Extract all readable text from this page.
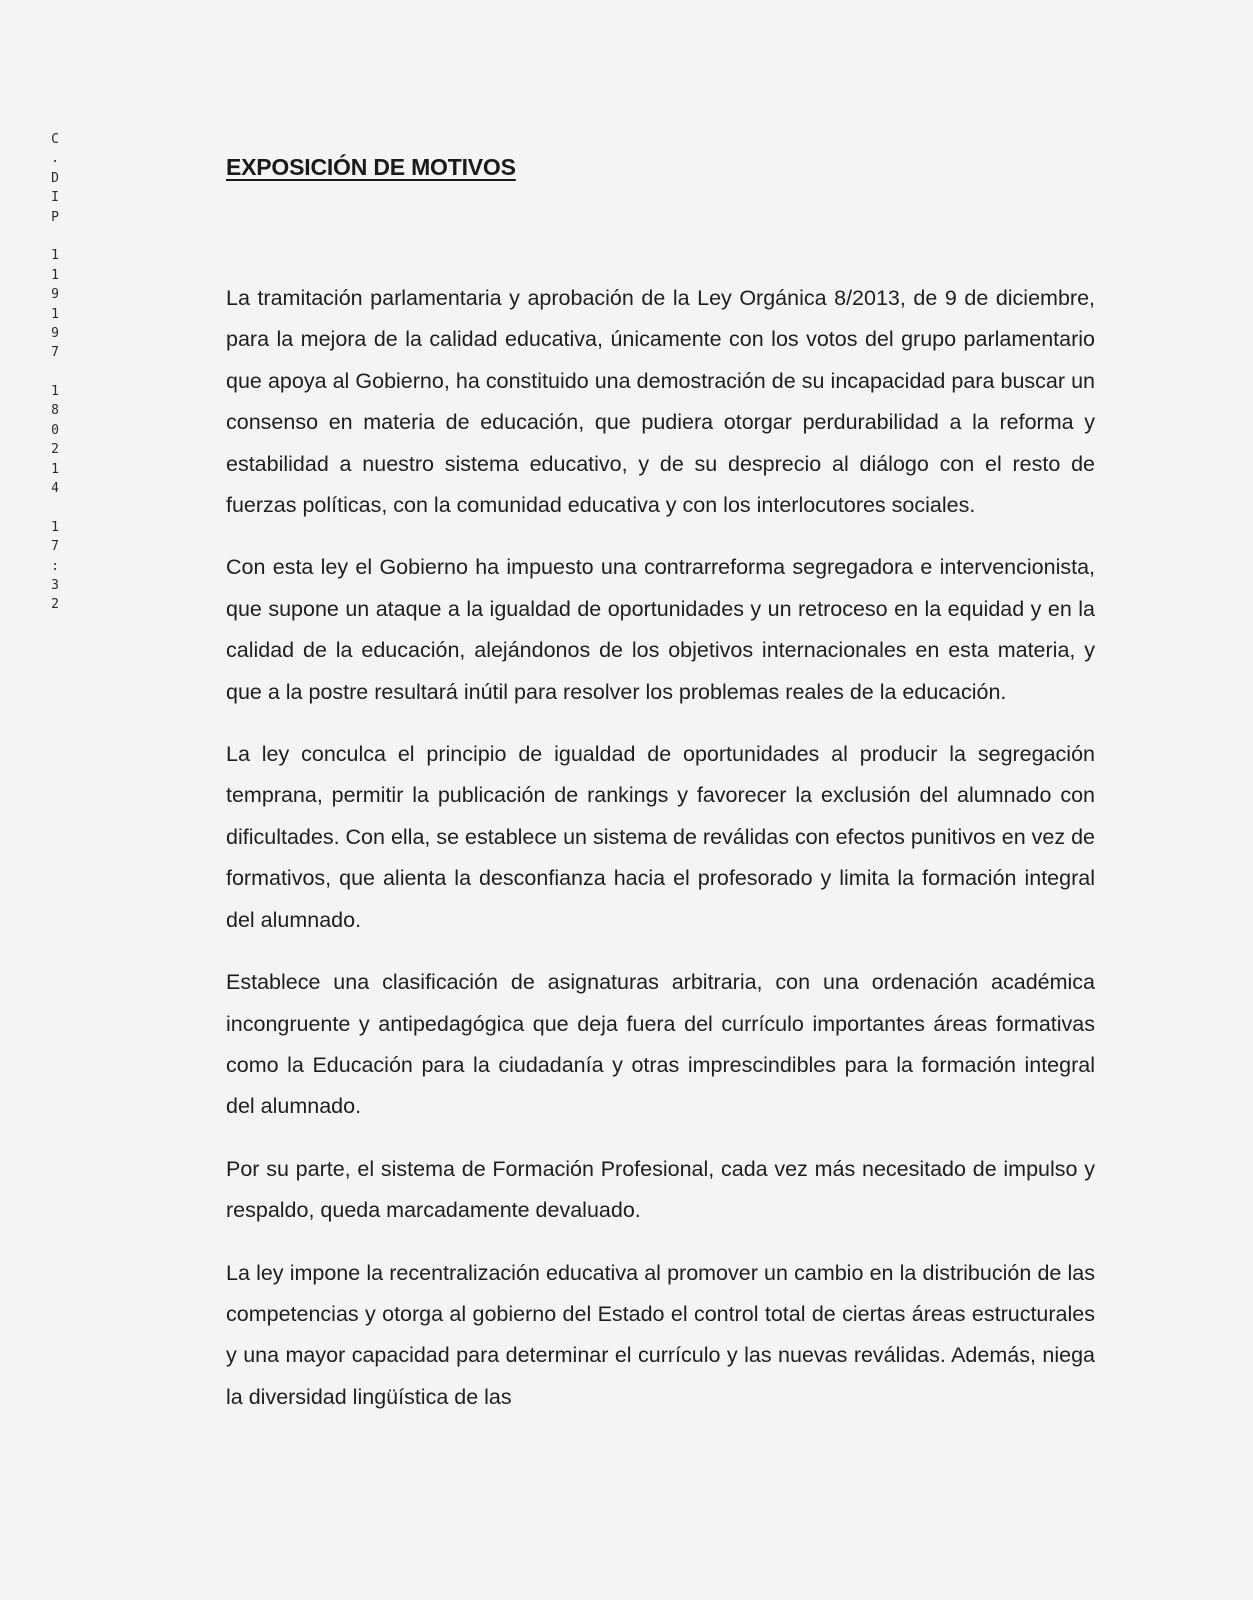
C
.
D
I
P
1
1
9
1
9
7
1
8
0
2
1
4
1
7
:
3
2
EXPOSICIÓN DE MOTIVOS

La tramitación parlamentaria y aprobación de la Ley Orgánica 8/2013, de 9 de diciembre, para la mejora de la calidad educativa, únicamente con los votos del grupo parlamentario que apoya al Gobierno, ha constituido una demostración de su incapacidad para buscar un consenso en materia de educación, que pudiera otorgar perdurabilidad a la reforma y estabilidad a nuestro sistema educativo, y de su desprecio al diálogo con el resto de fuerzas políticas, con la comunidad educativa y con los interlocutores sociales.

Con esta ley el Gobierno ha impuesto una contrarreforma segregadora e intervencionista, que supone un ataque a la igualdad de oportunidades y un retroceso en la equidad y en la calidad de la educación, alejándonos de los objetivos internacionales en esta materia, y que a la postre resultará inútil para resolver los problemas reales de la educación.

La ley conculca el principio de igualdad de oportunidades al producir la segregación temprana, permitir la publicación de rankings y favorecer la exclusión del alumnado con dificultades. Con ella, se establece un sistema de reválidas con efectos punitivos en vez de formativos, que alienta la desconfianza hacia el profesorado y limita la formación integral del alumnado.

Establece una clasificación de asignaturas arbitraria, con una ordenación académica incongruente y antipedagógica que deja fuera del currículo importantes áreas formativas como la Educación para la ciudadanía y otras imprescindibles para la formación integral del alumnado.

Por su parte, el sistema de Formación Profesional, cada vez más necesitado de impulso y respaldo, queda marcadamente devaluado.

La ley impone la recentralización educativa al promover un cambio en la distribución de las competencias y otorga al gobierno del Estado el control total de ciertas áreas estructurales y una mayor capacidad para determinar el currículo y las nuevas reválidas. Además, niega la diversidad lingüística de las
